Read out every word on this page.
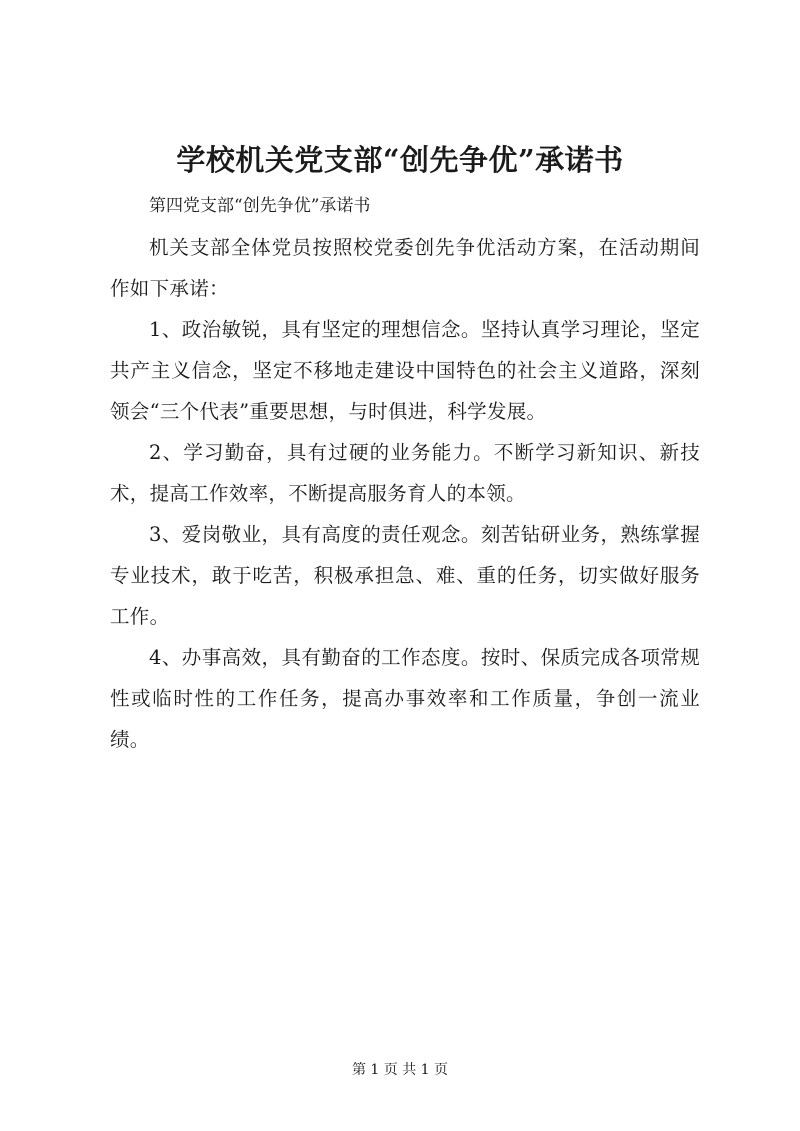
学校机关党支部“创先争优”承诺书

第四党支部“创先争优”承诺书

机关支部全体党员按照校党委创先争优活动方案，在活动期间作如下承诺：

1、政治敏锐，具有坚定的理想信念。坚持认真学习理论，坚定共产主义信念，坚定不移地走建设中国特色的社会主义道路，深刻领会“三个代表”重要思想，与时俱进，科学发展。

2、学习勤奋，具有过硬的业务能力。不断学习新知识、新技术，提高工作效率，不断提高服务育人的本领。

3、爱岗敬业，具有高度的责任观念。刻苦钻研业务，熟练掌握专业技术，敢于吃苦，积极承担急、难、重的任务，切实做好服务工作。

4、办事高效，具有勤奋的工作态度。按时、保质完成各项常规性或临时性的工作任务，提高办事效率和工作质量，争创一流业绩。

第 1 页 共 1 页
